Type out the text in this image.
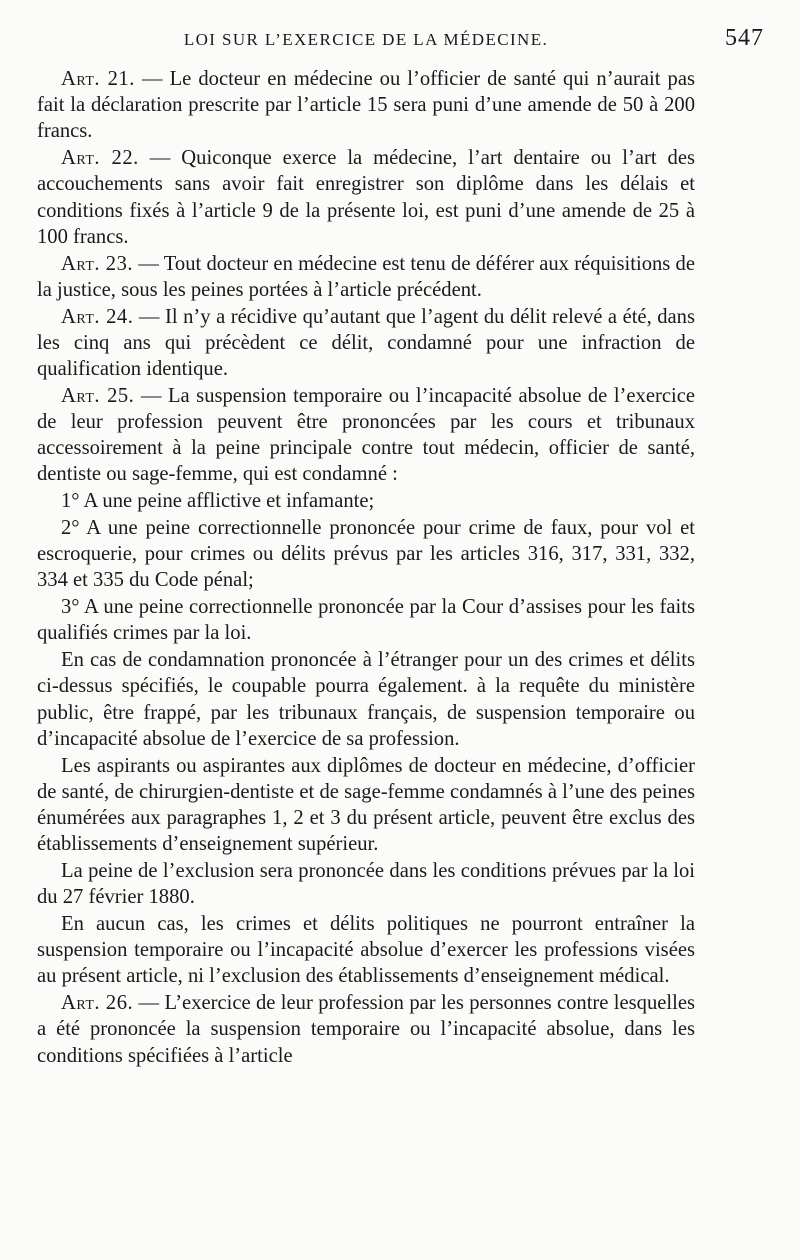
LOI SUR L’EXERCICE DE LA MÉDECINE.	547

Art. 21. — Le docteur en médecine ou l’officier de santé qui n’aurait pas fait la déclaration prescrite par l’article 15 sera puni d’une amende de 50 à 200 francs.

Art. 22. — Quiconque exerce la médecine, l’art dentaire ou l’art des accouchements sans avoir fait enregistrer son diplôme dans les délais et conditions fixés à l’article 9 de la présente loi, est puni d’une amende de 25 à 100 francs.

Art. 23. — Tout docteur en médecine est tenu de déférer aux réquisitions de la justice, sous les peines portées à l’article précédent.

Art. 24. — Il n’y a récidive qu’autant que l’agent du délit relevé a été, dans les cinq ans qui précèdent ce délit, condamné pour une infraction de qualification identique.

Art. 25. — La suspension temporaire ou l’incapacité absolue de l’exercice de leur profession peuvent être prononcées par les cours et tribunaux accessoirement à la peine principale contre tout médecin, officier de santé, dentiste ou sage-femme, qui est condamné :

1° A une peine afflictive et infamante;

2° A une peine correctionnelle prononcée pour crime de faux, pour vol et escroquerie, pour crimes ou délits prévus par les articles 316, 317, 331, 332, 334 et 335 du Code pénal;

3° A une peine correctionnelle prononcée par la Cour d’assises pour les faits qualifiés crimes par la loi.

En cas de condamnation prononcée à l’étranger pour un des crimes et délits ci-dessus spécifiés, le coupable pourra également. à la requête du ministère public, être frappé, par les tribunaux français, de suspension temporaire ou d’incapacité absolue de l’exercice de sa profession.

Les aspirants ou aspirantes aux diplômes de docteur en médecine, d’officier de santé, de chirurgien-dentiste et de sage-femme condamnés à l’une des peines énumérées aux paragraphes 1, 2 et 3 du présent article, peuvent être exclus des établissements d’enseignement supérieur.

La peine de l’exclusion sera prononcée dans les conditions prévues par la loi du 27 février 1880.

En aucun cas, les crimes et délits politiques ne pourront entraîner la suspension temporaire ou l’incapacité absolue d’exercer les professions visées au présent article, ni l’exclusion des établissements d’enseignement médical.

Art. 26. — L’exercice de leur profession par les personnes contre lesquelles a été prononcée la suspension temporaire ou l’incapacité absolue, dans les conditions spécifiées à l’article
